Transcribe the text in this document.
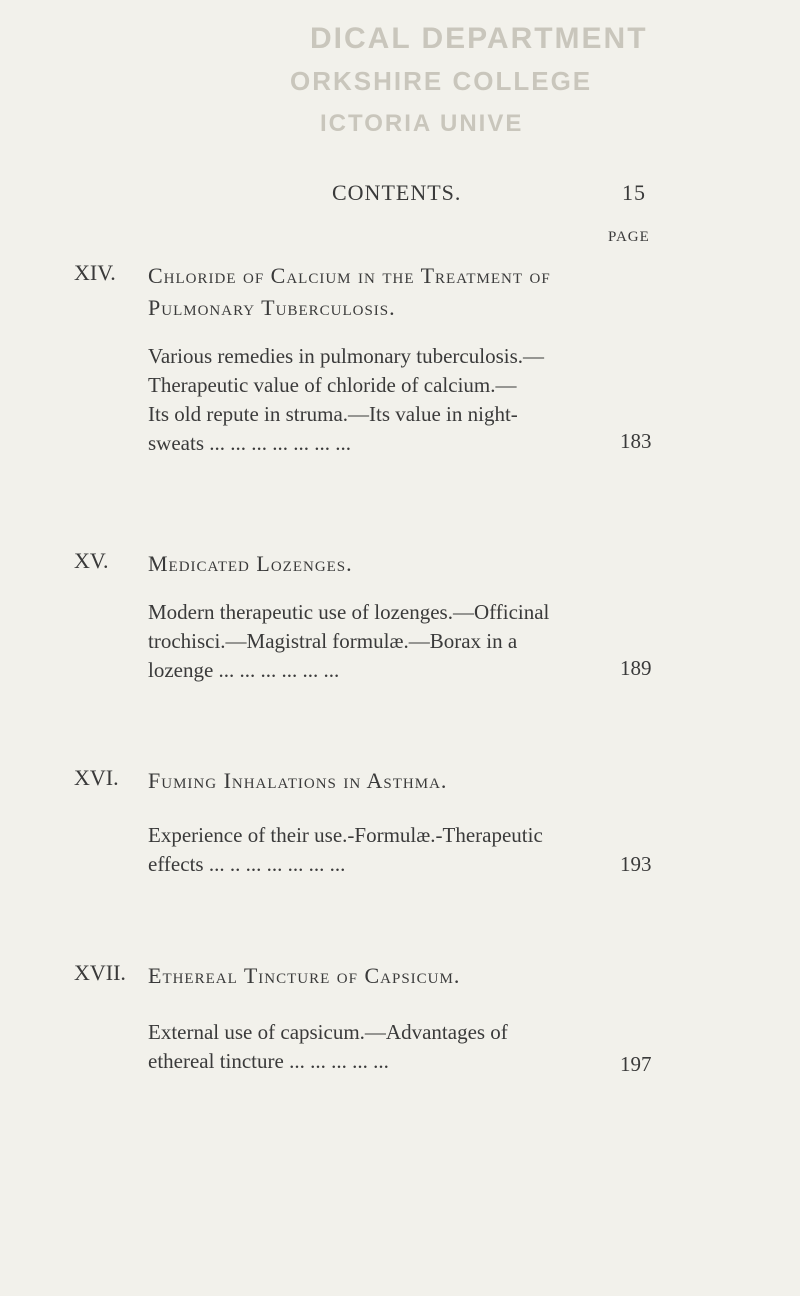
DICAL DEPARTMENT
ORKSHIRE COLLEGE
ICTORIA UNIVE
CONTENTS.	15
PAGE
XIV. Chloride of Calcium in the Treatment of Pulmonary Tuberculosis.
Various remedies in pulmonary tuberculosis.—
Therapeutic value of chloride of calcium.—
Its old repute in struma.—Its value in night-
sweats ... ... ... ... ... ... ...	183
XV. Medicated Lozenges.
Modern therapeutic use of lozenges.—Officinal
trochisci.—Magistral formulæ.—Borax in a
lozenge ... ... ... ... ... ...	189
XVI. Fuming Inhalations in Asthma.
Experience of their use.-Formulæ.-Therapeutic
effects ... .. ... ... ... ... ...	193
XVII. Ethereal Tincture of Capsicum.
External use of capsicum.—Advantages of
ethereal tincture ... ... ... ... ...	197
